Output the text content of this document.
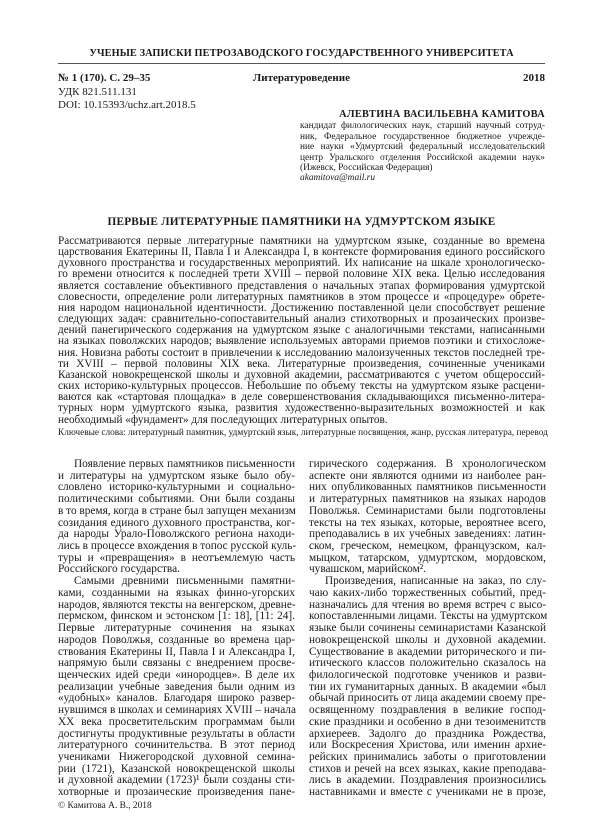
УЧЕНЫЕ ЗАПИСКИ ПЕТРОЗАВОДСКОГО ГОСУДАРСТВЕННОГО УНИВЕРСИТЕТА
№ 1 (170). С. 29–35	Литературоведение	2018
УДК 821.511.131
DOI: 10.15393/uchz.art.2018.5
АЛЕВТИНА ВАСИЛЬЕВНА КАМИТОВА
кандидат филологических наук, старший научный сотруд-
ник, Федеральное государственное бюджетное учрежде-
ние науки «Удмуртский федеральный исследовательский
центр Уральского отделения Российской академии наук»
(Ижевск, Российская Федерация)
akamitova@mail.ru
ПЕРВЫЕ ЛИТЕРАТУРНЫЕ ПАМЯТНИКИ НА УДМУРТСКОМ ЯЗЫКЕ
Рассматриваются первые литературные памятники на удмуртском языке, созданные во времена
царствования Екатерины II, Павла I и Александра I, в контексте формирования единого российского
духовного пространства и государственных мероприятий. Их написание на шкале хронологическо-
го времени относится к последней трети XVIII – первой половине XIX века. Целью исследования
является составление объективного представления о начальных этапах формирования удмуртской
словесности, определение роли литературных памятников в этом процессе и «процедуре» обрете-
ния народом национальной идентичности. Достижению поставленной цели способствует решение
следующих задач: сравнительно-сопоставительный анализ стихотворных и прозаических произве-
дений панегирического содержания на удмуртском языке с аналогичными текстами, написанными
на языках поволжских народов; выявление используемых авторами приемов поэтики и стихосложе-
ния. Новизна работы состоит в привлечении к исследованию малоизученных текстов последней тре-
ти XVIII – первой половины XIX века. Литературные произведения, сочиненные учениками
Казанской новокрещенской школы и духовной академии, рассматриваются с учетом общероссий-
ских историко-культурных процессов. Небольшие по объему тексты на удмуртском языке расцени-
ваются как «стартовая площадка» в деле совершенствования складывающихся письменно-литера-
турных норм удмуртского языка, развития художественно-выразительных возможностей и как
необходимый «фундамент» для последующих литературных опытов.
Ключевые слова: литературный памятник, удмуртский язык, литературные посвящения, жанр, русская литература, перевод
Появление первых памятников письменности
и литературы на удмуртском языке было обу-
словлено историко-культурными и социально-
политическими событиями. Они были созданы
в то время, когда в стране был запущен механизм
созидания единого духовного пространства, ког-
да народы Урало-Поволжского региона находи-
лись в процессе вхождения в топос русской куль-
туры и «превращения» в неотъемлемую часть
Российского государства.
Самыми древними письменными памятни-
ками, созданными на языках финно-угорских
народов, являются тексты на венгерском, древне-
пермском, финском и эстонском [1: 18], [11: 24].
Первые литературные сочинения на языках
народов Поволжья, созданные во времена цар-
ствования Екатерины II, Павла I и Александра I,
напрямую были связаны с внедрением просве-
щенческих идей среди «инородцев». В деле их
реализации учебные заведения были одним из
«удобных» каналов. Благодаря широко развер-
нувшимся в школах и семинариях XVIII – начала
XX века просветительским программам были
достигнуты продуктивные результаты в области
литературного сочинительства. В этот период
учениками Нижегородской духовной семина-
рии (1721), Казанской новокрещенской школы
и духовной академии (1723)¹ были созданы сти-
хотворные и прозаические произведения пане-
гирического содержания. В хронологическом
аспекте они являются одними из наиболее ран-
них опубликованных памятников письменности
и литературных памятников на языках народов
Поволжья. Семинаристами были подготовлены
тексты на тех языках, которые, вероятнее всего,
преподавались в их учебных заведениях: латин-
ском, греческом, немецком, французском, кал-
мыцком, татарском, удмуртском, мордовском,
чувашском, марийском².
Произведения, написанные на заказ, по слу-
чаю каких-либо торжественных событий, пред-
назначались для чтения во время встреч с высо-
копоставленными лицами. Тексты на удмуртском
языке были сочинены семинаристами Казанской
новокрещенской школы и духовной академии.
Существование в академии риторического и пи-
итического классов положительно сказалось на
филологической подготовке учеников и разви-
тии их гуманитарных данных. В академии «был
обычай приносить от лица академии своему пре-
освященному поздравления в великие господ-
ские праздники и особенно в дни тезоименитств
архиереев. Задолго до праздника Рождества,
или Воскресения Христова, или именин архие-
рейских принимались заботы о приготовлении
стихов и речей на всех языках, какие преподава-
лись в академии. Поздравления произносились
наставниками и вместе с учениками не в прозе,
© Камитова А. В., 2018
